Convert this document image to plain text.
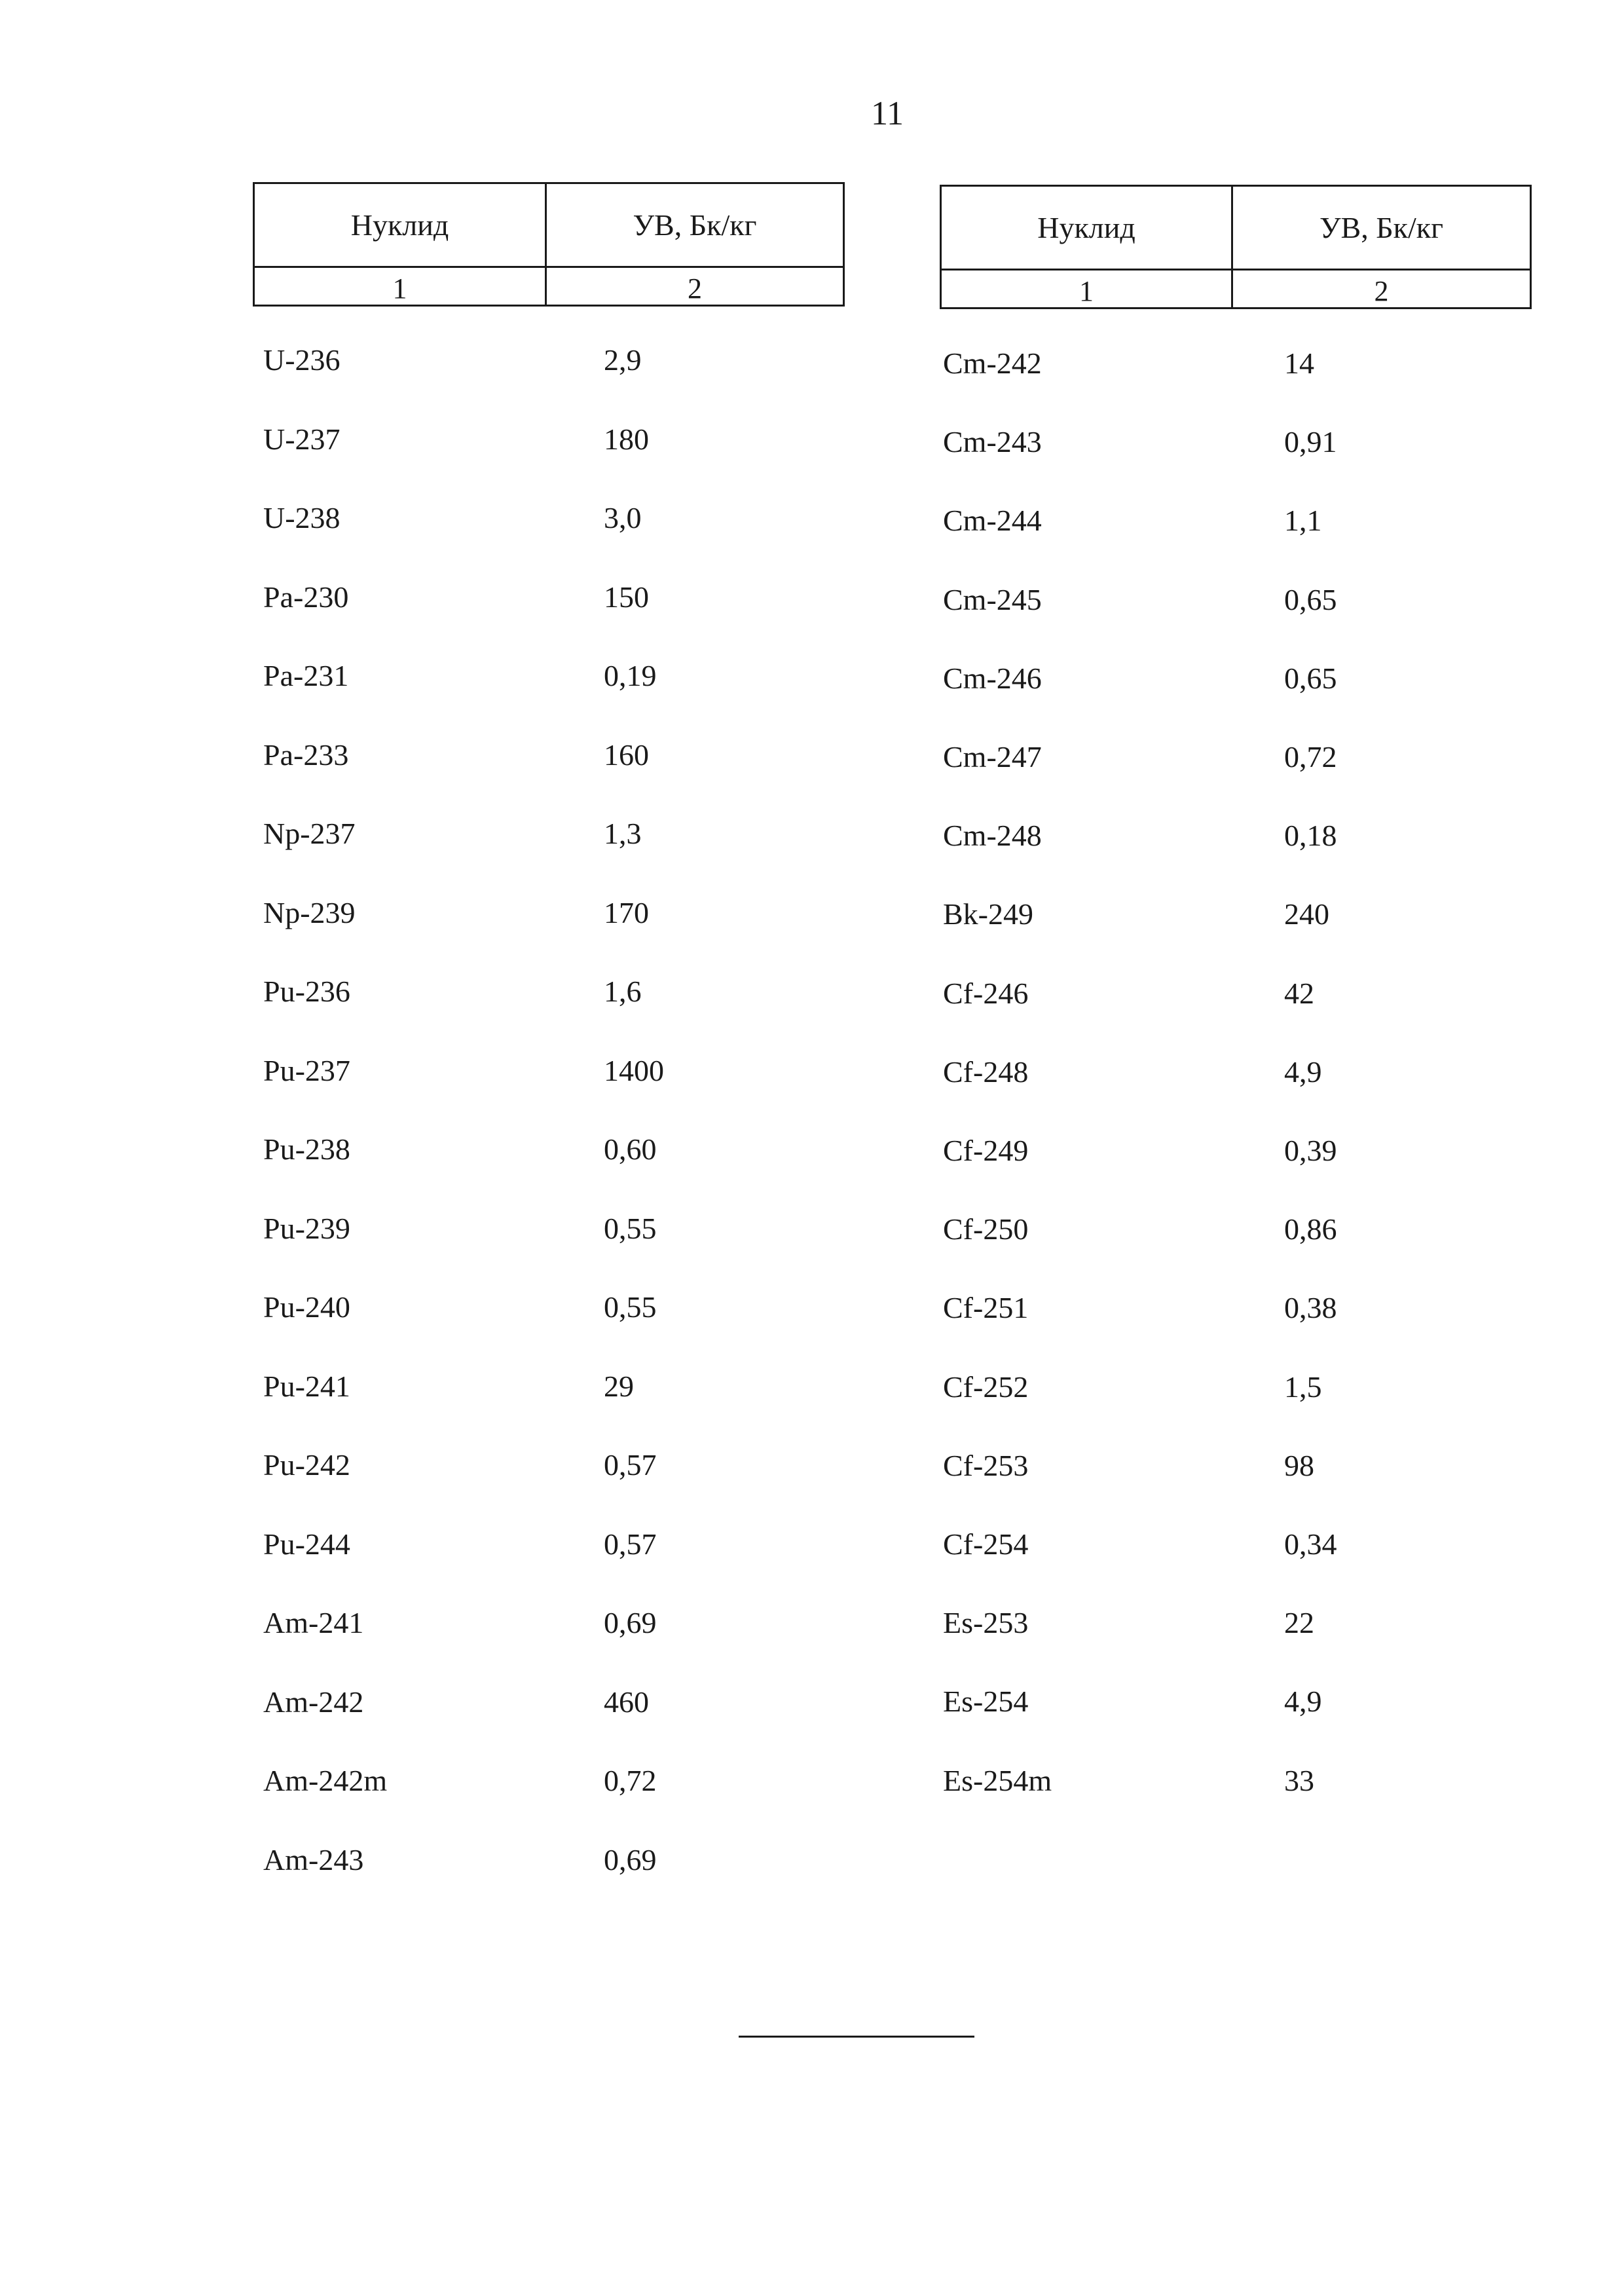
11
Нуклид	УВ, Бк/кг
1	2
Нуклид	УВ, Бк/кг
1	2
U-236	2,9
U-237	180
U-238	3,0
Pa-230	150
Pa-231	0,19
Pa-233	160
Np-237	1,3
Np-239	170
Pu-236	1,6
Pu-237	1400
Pu-238	0,60
Pu-239	0,55
Pu-240	0,55
Pu-241	29
Pu-242	0,57
Pu-244	0,57
Am-241	0,69
Am-242	460
Am-242m	0,72
Am-243	0,69
Cm-242	14
Cm-243	0,91
Cm-244	1,1
Cm-245	0,65
Cm-246	0,65
Cm-247	0,72
Cm-248	0,18
Bk-249	240
Cf-246	42
Cf-248	4,9
Cf-249	0,39
Cf-250	0,86
Cf-251	0,38
Cf-252	1,5
Cf-253	98
Cf-254	0,34
Es-253	22
Es-254	4,9
Es-254m	33
